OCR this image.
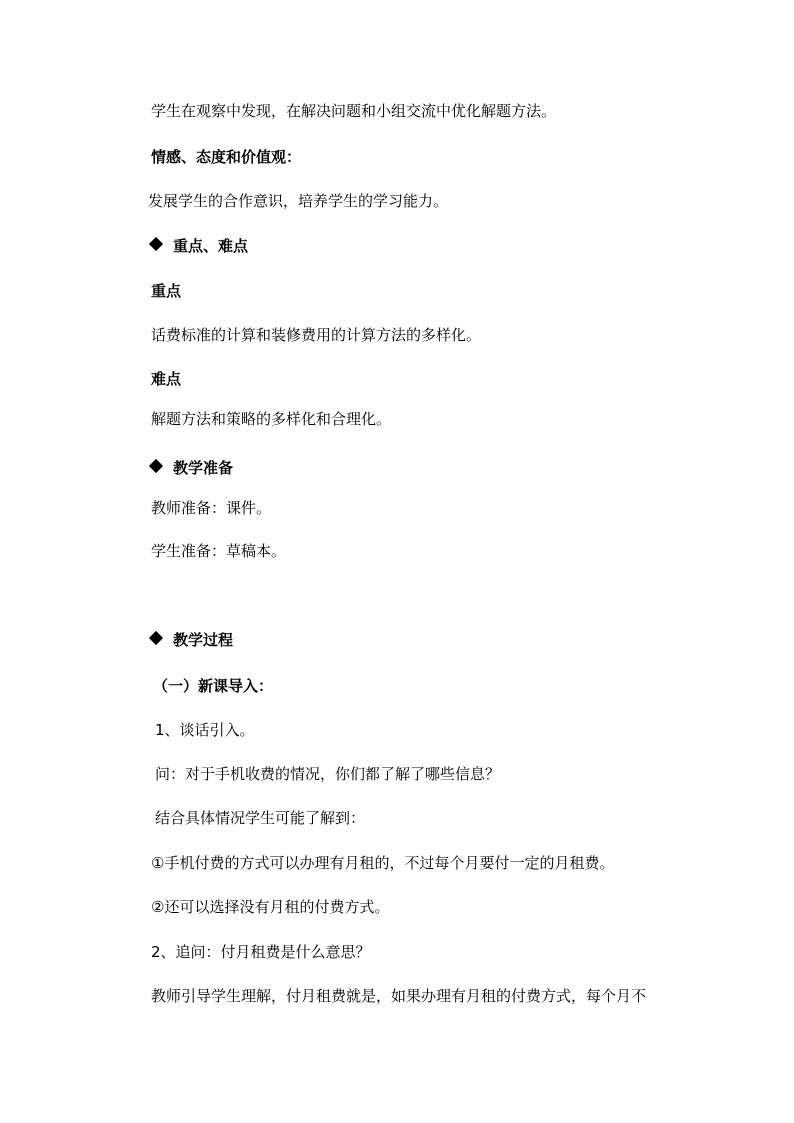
学生在观察中发现，在解决问题和小组交流中优化解题方法。
情感、态度和价值观：
发展学生的合作意识，培养学生的学习能力。
重点、难点
重点
话费标准的计算和装修费用的计算方法的多样化。
难点
解题方法和策略的多样化和合理化。
教学准备
教师准备：课件。
学生准备：草稿本。
教学过程
（一）新课导入：
1、谈话引入。
问：对于手机收费的情况，你们都了解了哪些信息？
结合具体情况学生可能了解到：
①手机付费的方式可以办理有月租的，不过每个月要付一定的月租费。
②还可以选择没有月租的付费方式。
2、追问：付月租费是什么意思？
教师引导学生理解，付月租费就是，如果办理有月租的付费方式，每个月不
